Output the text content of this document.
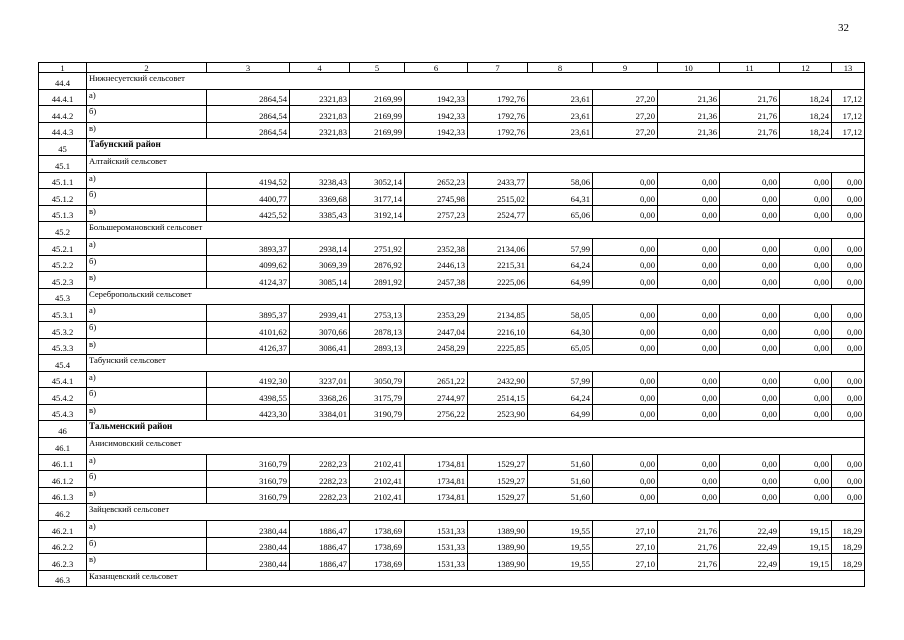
32
1	2	3	4	5	6	7	8	9	10	11	12	13
44.4	Нижнесуетский сельсовет											
44.4.1	а)	2864,54	2321,83	2169,99	1942,33	1792,76	23,61	27,20	21,36	21,76	18,24	17,12
44.4.2	б)	2864,54	2321,83	2169,99	1942,33	1792,76	23,61	27,20	21,36	21,76	18,24	17,12
44.4.3	в)	2864,54	2321,83	2169,99	1942,33	1792,76	23,61	27,20	21,36	21,76	18,24	17,12
45	Табунский район											
45.1	Алтайский сельсовет											
45.1.1	а)	4194,52	3238,43	3052,14	2652,23	2433,77	58,06	0,00	0,00	0,00	0,00	0,00
45.1.2	б)	4400,77	3369,68	3177,14	2745,98	2515,02	64,31	0,00	0,00	0,00	0,00	0,00
45.1.3	в)	4425,52	3385,43	3192,14	2757,23	2524,77	65,06	0,00	0,00	0,00	0,00	0,00
45.2	Большеромановский сельсовет											
45.2.1	а)	3893,37	2938,14	2751,92	2352,38	2134,06	57,99	0,00	0,00	0,00	0,00	0,00
45.2.2	б)	4099,62	3069,39	2876,92	2446,13	2215,31	64,24	0,00	0,00	0,00	0,00	0,00
45.2.3	в)	4124,37	3085,14	2891,92	2457,38	2225,06	64,99	0,00	0,00	0,00	0,00	0,00
45.3	Серебропольский сельсовет											
45.3.1	а)	3895,37	2939,41	2753,13	2353,29	2134,85	58,05	0,00	0,00	0,00	0,00	0,00
45.3.2	б)	4101,62	3070,66	2878,13	2447,04	2216,10	64,30	0,00	0,00	0,00	0,00	0,00
45.3.3	в)	4126,37	3086,41	2893,13	2458,29	2225,85	65,05	0,00	0,00	0,00	0,00	0,00
45.4	Табунский сельсовет											
45.4.1	а)	4192,30	3237,01	3050,79	2651,22	2432,90	57,99	0,00	0,00	0,00	0,00	0,00
45.4.2	б)	4398,55	3368,26	3175,79	2744,97	2514,15	64,24	0,00	0,00	0,00	0,00	0,00
45.4.3	в)	4423,30	3384,01	3190,79	2756,22	2523,90	64,99	0,00	0,00	0,00	0,00	0,00
46	Тальменский район											
46.1	Анисимовский сельсовет											
46.1.1	а)	3160,79	2282,23	2102,41	1734,81	1529,27	51,60	0,00	0,00	0,00	0,00	0,00
46.1.2	б)	3160,79	2282,23	2102,41	1734,81	1529,27	51,60	0,00	0,00	0,00	0,00	0,00
46.1.3	в)	3160,79	2282,23	2102,41	1734,81	1529,27	51,60	0,00	0,00	0,00	0,00	0,00
46.2	Зайцевский сельсовет											
46.2.1	а)	2380,44	1886,47	1738,69	1531,33	1389,90	19,55	27,10	21,76	22,49	19,15	18,29
46.2.2	б)	2380,44	1886,47	1738,69	1531,33	1389,90	19,55	27,10	21,76	22,49	19,15	18,29
46.2.3	в)	2380,44	1886,47	1738,69	1531,33	1389,90	19,55	27,10	21,76	22,49	19,15	18,29
46.3	Казанцевский сельсовет											
